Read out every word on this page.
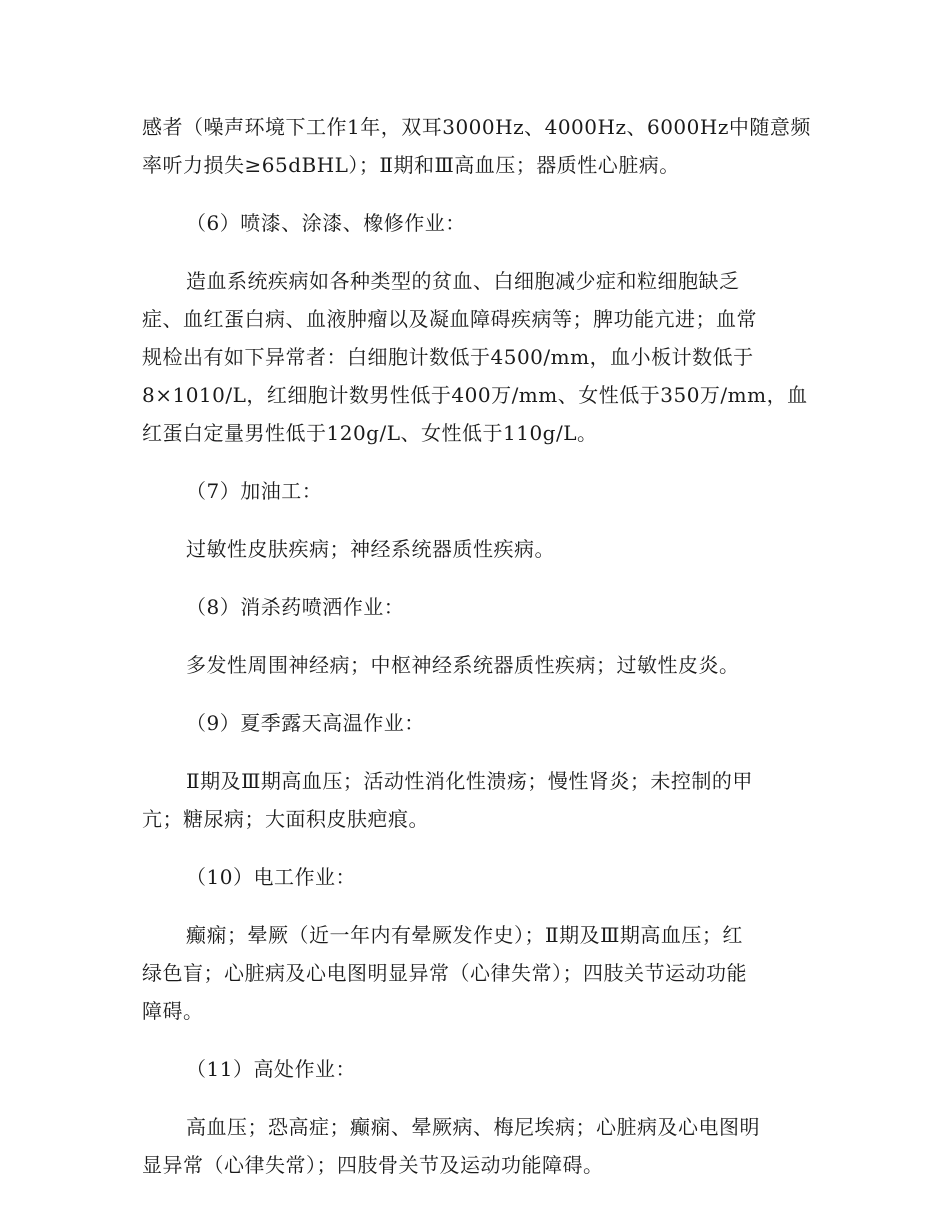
感者（噪声环境下工作1年，双耳3000Hz、4000Hz、6000Hz中随意频
率听力损失≥65dBHL）；Ⅱ期和Ⅲ高血压；器质性心脏病。

（6）喷漆、涂漆、橡修作业：

造血系统疾病如各种类型的贫血、白细胞减少症和粒细胞缺乏
症、血红蛋白病、血液肿瘤以及凝血障碍疾病等；脾功能亢进；血常
规检出有如下异常者：白细胞计数低于4500/mm，血小板计数低于
8×1010/L，红细胞计数男性低于400万/mm、女性低于350万/mm，血
红蛋白定量男性低于120g/L、女性低于110g/L。

（7）加油工：

过敏性皮肤疾病；神经系统器质性疾病。

（8）消杀药喷洒作业：

多发性周围神经病；中枢神经系统器质性疾病；过敏性皮炎。

（9）夏季露天高温作业：

Ⅱ期及Ⅲ期高血压；活动性消化性溃疡；慢性肾炎；未控制的甲
亢；糖尿病；大面积皮肤疤痕。

（10）电工作业：

癫痫；晕厥（近一年内有晕厥发作史）；Ⅱ期及Ⅲ期高血压；红
绿色盲；心脏病及心电图明显异常（心律失常）；四肢关节运动功能
障碍。

（11）高处作业：

高血压；恐高症；癫痫、晕厥病、梅尼埃病；心脏病及心电图明
显异常（心律失常）；四肢骨关节及运动功能障碍。
